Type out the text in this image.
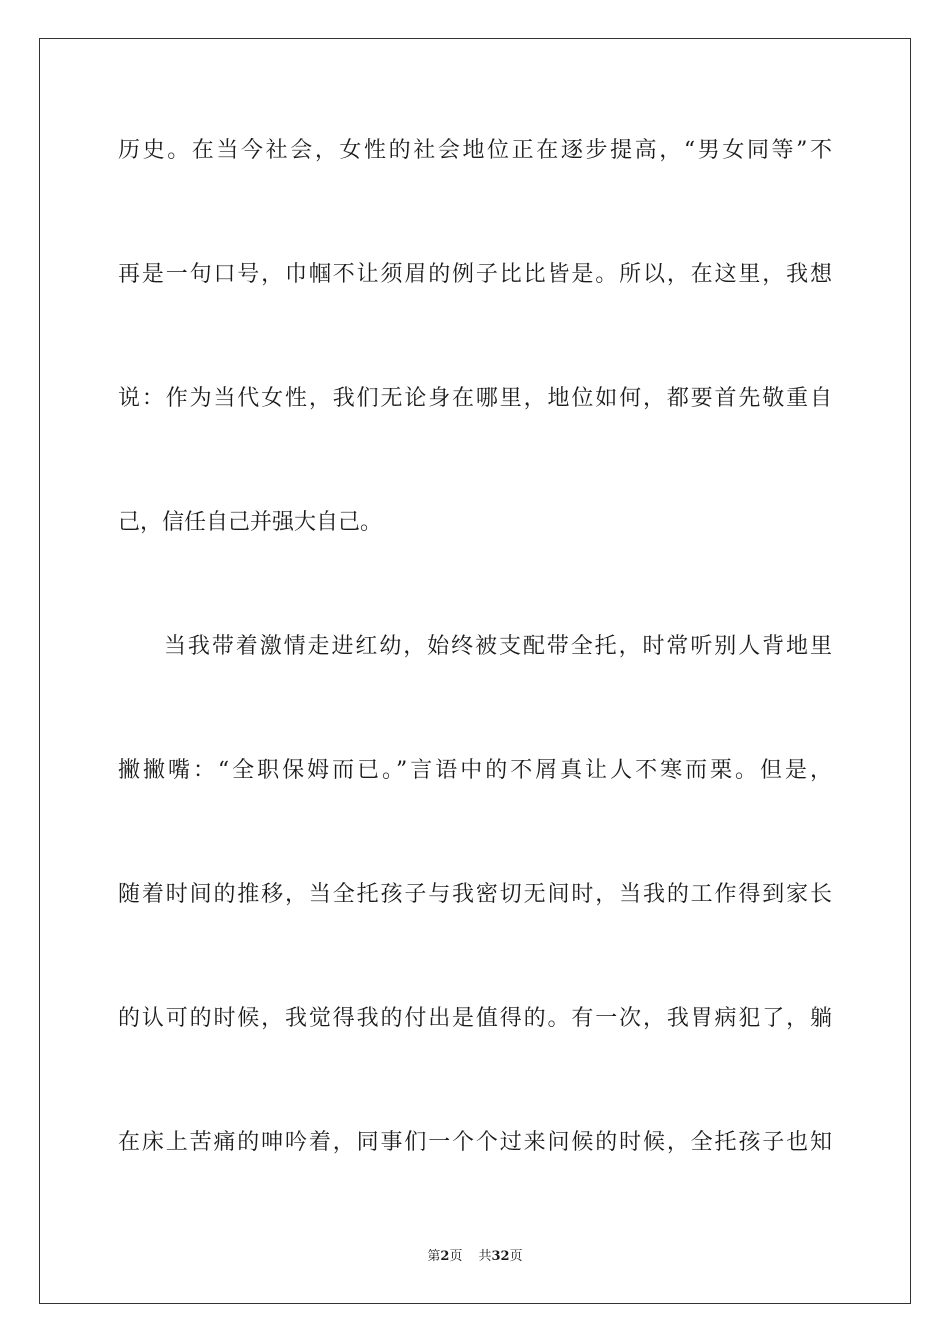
历史。在当今社会，女性的社会地位正在逐步提高，“男女同等”不
再是一句口号，巾帼不让须眉的例子比比皆是。所以，在这里，我想
说：作为当代女性，我们无论身在哪里，地位如何，都要首先敬重自
己，信任自己并强大自己。
当我带着激情走进红幼，始终被支配带全托，时常听别人背地里
撇撇嘴：“全职保姆而已。”言语中的不屑真让人不寒而栗。但是，
随着时间的推移，当全托孩子与我密切无间时，当我的工作得到家长
的认可的时候，我觉得我的付出是值得的。有一次，我胃病犯了，躺
在床上苦痛的呻吟着，同事们一个个过来问候的时候，全托孩子也知
第2页 共32页
